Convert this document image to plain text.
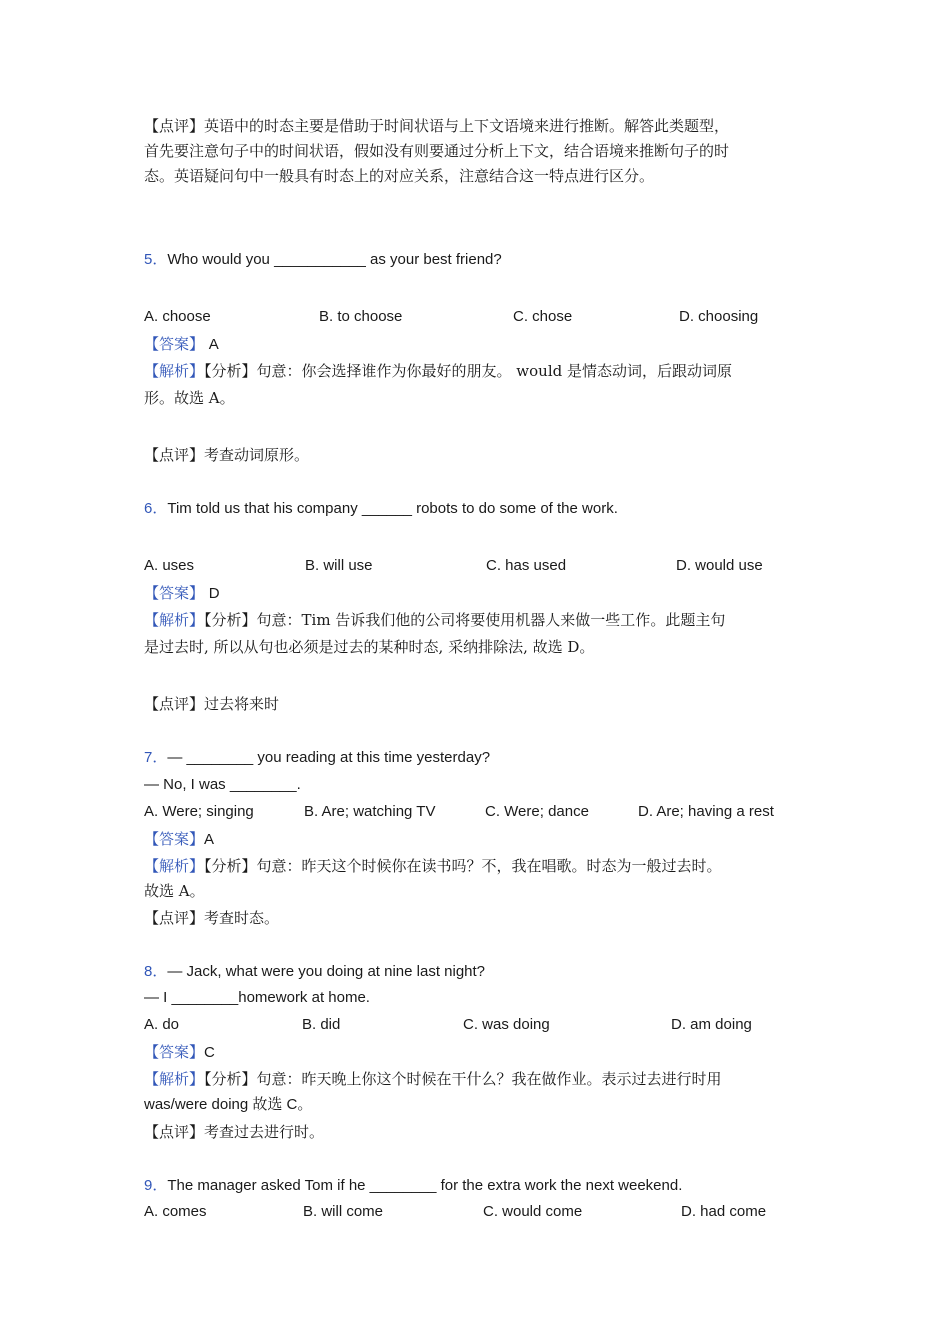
【点评】英语中的时态主要是借助于时间状语与上下文语境来进行推断。解答此类题型，
首先要注意句子中的时间状语，假如没有则要通过分析上下文，结合语境来推断句子的时
态。英语疑问句中一般具有时态上的对应关系，注意结合这一特点进行区分。
5．Who would you ___________ as your best friend?
A. choose	B. to choose	C. chose	D. choosing
【答案】 A
【解析】【分析】句意：你会选择谁作为你最好的朋友。 would 是情态动词，后跟动词原
形。故选 A。
【点评】考查动词原形。
6．Tim told us that his company ______ robots to do some of the work.
A. uses	B. will use	C. has used	D. would use
【答案】 D
【解析】【分析】句意：Tim 告诉我们他的公司将要使用机器人来做一些工作。此题主句
是过去时, 所以从句也必须是过去的某种时态, 采纳排除法, 故选 D。
【点评】过去将来时
7．— ________ you reading at this time yesterday?
— No, I was ________.
A. Were; singing	B. Are; watching TV	C. Were; dance	D. Are; having a rest
【答案】A
【解析】【分析】句意：昨天这个时候你在读书吗？不，我在唱歌。时态为一般过去时。
故选 A。
【点评】考查时态。
8．— Jack, what were you doing at nine last night?
— I ________homework at home.
A. do	B. did	C. was doing	D. am doing
【答案】C
【解析】【分析】句意：昨天晚上你这个时候在干什么？我在做作业。表示过去进行时用
was/were doing 故选 C。
【点评】考查过去进行时。
9．The manager asked Tom if he ________ for the extra work the next weekend.
A. comes	B. will come	C. would come	D. had come
